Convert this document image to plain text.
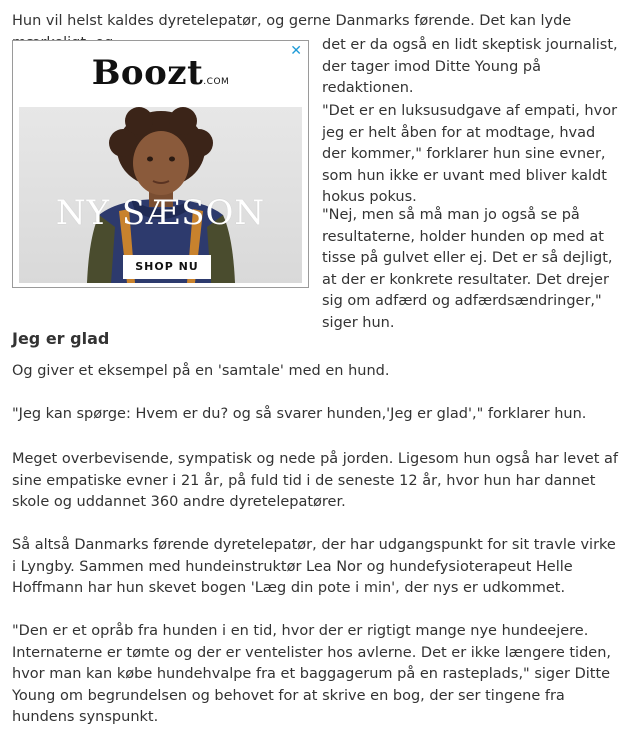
Hun vil helst kaldes dyretelepatør, og gerne Danmarks førende. Det kan lyde

✕
Boozt.COM
NY SÆSON
SHOP NU

det er da også en lidt skeptisk journalist, der tager imod Ditte Young på redaktionen.

"Det er en luksusudgave af empati, hvor jeg er helt åben for at modtage, hvad der kommer," forklarer hun sine evner, som hun ikke er uvant med bliver kaldt hokus pokus.

"Nej, men så må man jo også se på resultaterne, holder hunden op med at tisse på gulvet eller ej. Det er så dejligt, at der er konkrete resultater. Det drejer sig om adfærd og adfærdsændringer," siger hun.

Jeg er glad

Og giver et eksempel på en 'samtale' med en hund.

"Jeg kan spørge: Hvem er du? og så svarer hunden,'Jeg er glad'," forklarer hun.

Meget overbevisende, sympatisk og nede på jorden. Ligesom hun også har levet af sine empatiske evner i 21 år, på fuld tid i de seneste 12 år, hvor hun har dannet skole og uddannet 360 andre dyretelepatører.

Så altså Danmarks førende dyretelepatør, der har udgangspunkt for sit travle virke i Lyngby. Sammen med hundeinstruktør Lea Nor og hundefysioterapeut Helle Hoffmann har hun skevet bogen 'Læg din pote i min', der nys er udkommet.

"Den er et opråb fra hunden i en tid, hvor der er rigtigt mange nye hundeejere. Internaterne er tømte og der er ventelister hos avlerne. Det er ikke længere tiden, hvor man kan købe hundehvalpe fra et baggagerum på en rasteplads," siger Ditte Young om begrundelsen og behovet for at skrive en bog, der ser tingene fra hundens synspunkt.
